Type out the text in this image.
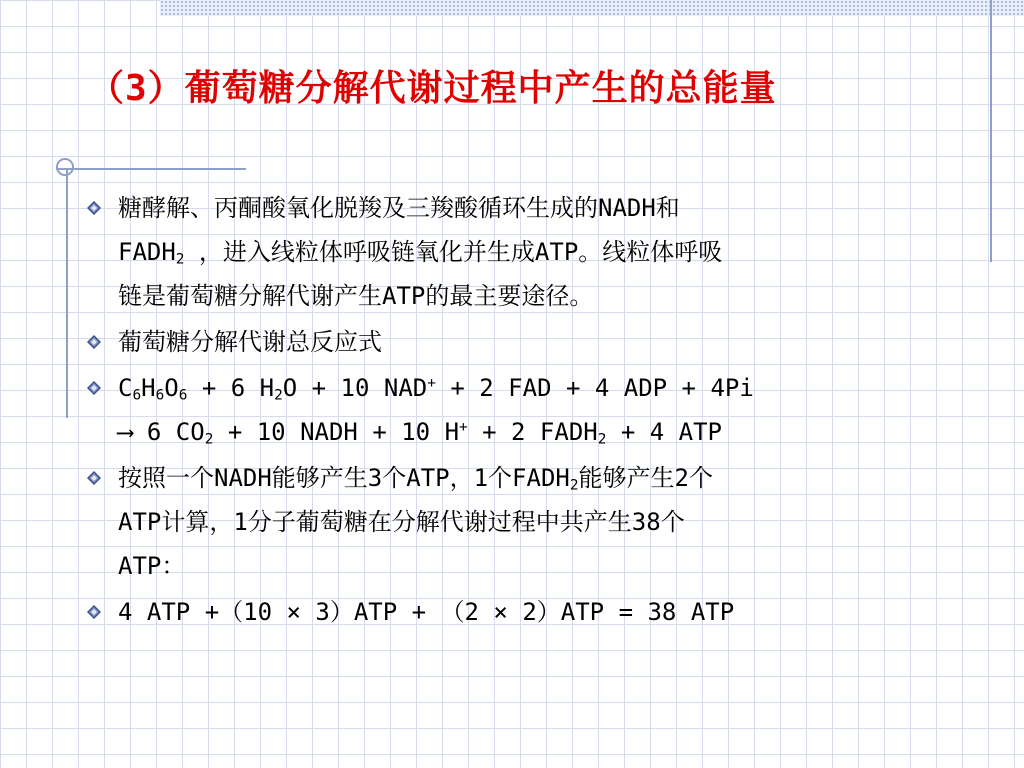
（3）葡萄糖分解代谢过程中产生的总能量
糖酵解、丙酮酸氧化脱羧及三羧酸循环生成的NADH和
$FADH_2$ ，进入线粒体呼吸链氧化并生成ATP。线粒体呼吸
链是葡萄糖分解代谢产生ATP的最主要途径。
葡萄糖分解代谢总反应式
$C_6H_6O_6 + 6$ $H_2O + 10$ NAD+ + 2 FAD + 4 ADP + 4Pi
⟶ 6 $CO_2 + 10$ NADH + 10 H+ + 2 $FADH_2 + 4$ ATP
按照一个NADH能够产生3个ATP，1个$FADH_2$能够产生2个
ATP计算，1分子葡萄糖在分解代谢过程中共产生38个
ATP：
4 ATP +（10 × 3）ATP + （2 × 2）ATP = 38 ATP
